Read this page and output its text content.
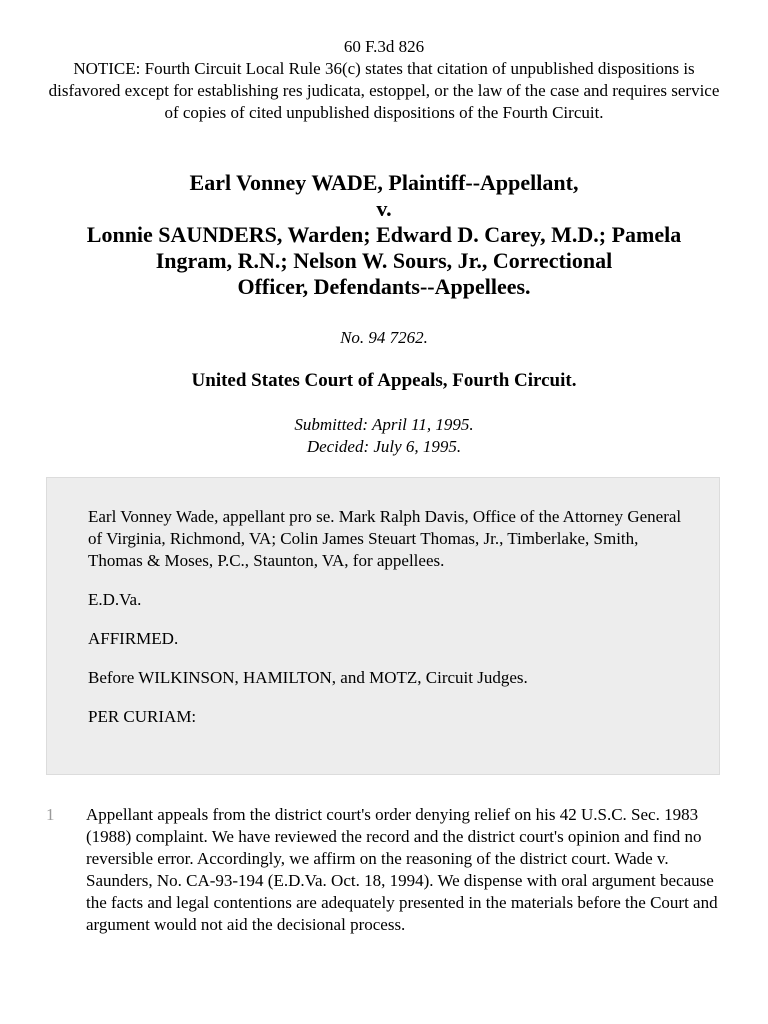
60 F.3d 826
NOTICE: Fourth Circuit Local Rule 36(c) states that citation of unpublished dispositions is disfavored except for establishing res judicata, estoppel, or the law of the case and requires service of copies of cited unpublished dispositions of the Fourth Circuit.
Earl Vonney WADE, Plaintiff--Appellant,
v.
Lonnie SAUNDERS, Warden; Edward D. Carey, M.D.; Pamela
Ingram, R.N.; Nelson W. Sours, Jr., Correctional
Officer, Defendants--Appellees.
No. 94 7262.
United States Court of Appeals, Fourth Circuit.
Submitted: April 11, 1995.
Decided: July 6, 1995.

Earl Vonney Wade, appellant pro se. Mark Ralph Davis, Office of the Attorney General of Virginia, Richmond, VA; Colin James Steuart Thomas, Jr., Timberlake, Smith, Thomas & Moses, P.C., Staunton, VA, for appellees.

E.D.Va.

AFFIRMED.

Before WILKINSON, HAMILTON, and MOTZ, Circuit Judges.

PER CURIAM:

1 Appellant appeals from the district court's order denying relief on his 42 U.S.C. Sec. 1983 (1988) complaint. We have reviewed the record and the district court's opinion and find no reversible error. Accordingly, we affirm on the reasoning of the district court. Wade v. Saunders, No. CA-93-194 (E.D.Va. Oct. 18, 1994). We dispense with oral argument because the facts and legal contentions are adequately presented in the materials before the Court and argument would not aid the decisional process.
